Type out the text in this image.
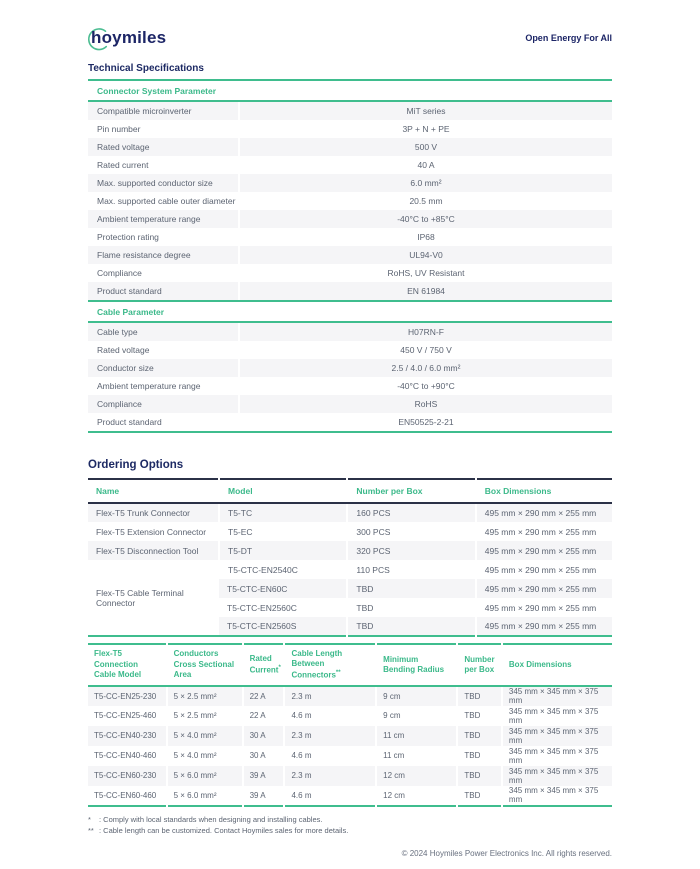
hoymiles	Open Energy For All
Technical Specifications
Connector System Parameter
Compatible microinverter	MiT series
Pin number	3P + N + PE
Rated voltage	500 V
Rated current	40 A
Max. supported conductor size	6.0 mm²
Max. supported cable outer diameter	20.5 mm
Ambient temperature range	-40°C to +85°C
Protection rating	IP68
Flame resistance degree	UL94-V0
Compliance	RoHS, UV Resistant
Product standard	EN 61984
Cable Parameter
Cable type	H07RN-F
Rated voltage	450 V / 750 V
Conductor size	2.5 / 4.0 / 6.0 mm²
Ambient temperature range	-40°C to +90°C
Compliance	RoHS
Product standard	EN50525-2-21
Ordering Options
Name	Model	Number per Box	Box Dimensions
Flex-T5 Trunk Connector	T5-TC	160 PCS	495 mm × 290 mm × 255 mm
Flex-T5 Extension Connector	T5-EC	300 PCS	495 mm × 290 mm × 255 mm
Flex-T5 Disconnection Tool	T5-DT	320 PCS	495 mm × 290 mm × 255 mm
Flex-T5 Cable Terminal Connector	T5-CTC-EN2540C	110 PCS	495 mm × 290 mm × 255 mm
	T5-CTC-EN60C	TBD	495 mm × 290 mm × 255 mm
	T5-CTC-EN2560C	TBD	495 mm × 290 mm × 255 mm
	T5-CTC-EN2560S	TBD	495 mm × 290 mm × 255 mm
Flex-T5 Connection Cable Model	Conductors Cross Sectional Area	Rated Current*	Cable Length Between Connectors**	Minimum Bending Radius	Number per Box	Box Dimensions
T5-CC-EN25-230	5 × 2.5 mm²	22 A	2.3 m	9 cm	TBD	345 mm × 345 mm × 375 mm
T5-CC-EN25-460	5 × 2.5 mm²	22 A	4.6 m	9 cm	TBD	345 mm × 345 mm × 375 mm
T5-CC-EN40-230	5 × 4.0 mm²	30 A	2.3 m	11 cm	TBD	345 mm × 345 mm × 375 mm
T5-CC-EN40-460	5 × 4.0 mm²	30 A	4.6 m	11 cm	TBD	345 mm × 345 mm × 375 mm
T5-CC-EN60-230	5 × 6.0 mm²	39 A	2.3 m	12 cm	TBD	345 mm × 345 mm × 375 mm
T5-CC-EN60-460	5 × 6.0 mm²	39 A	4.6 m	12 cm	TBD	345 mm × 345 mm × 375 mm
*	: Comply with local standards when designing and installing cables.
** : Cable length can be customized. Contact Hoymiles sales for more details.
© 2024 Hoymiles Power Electronics Inc. All rights reserved.
